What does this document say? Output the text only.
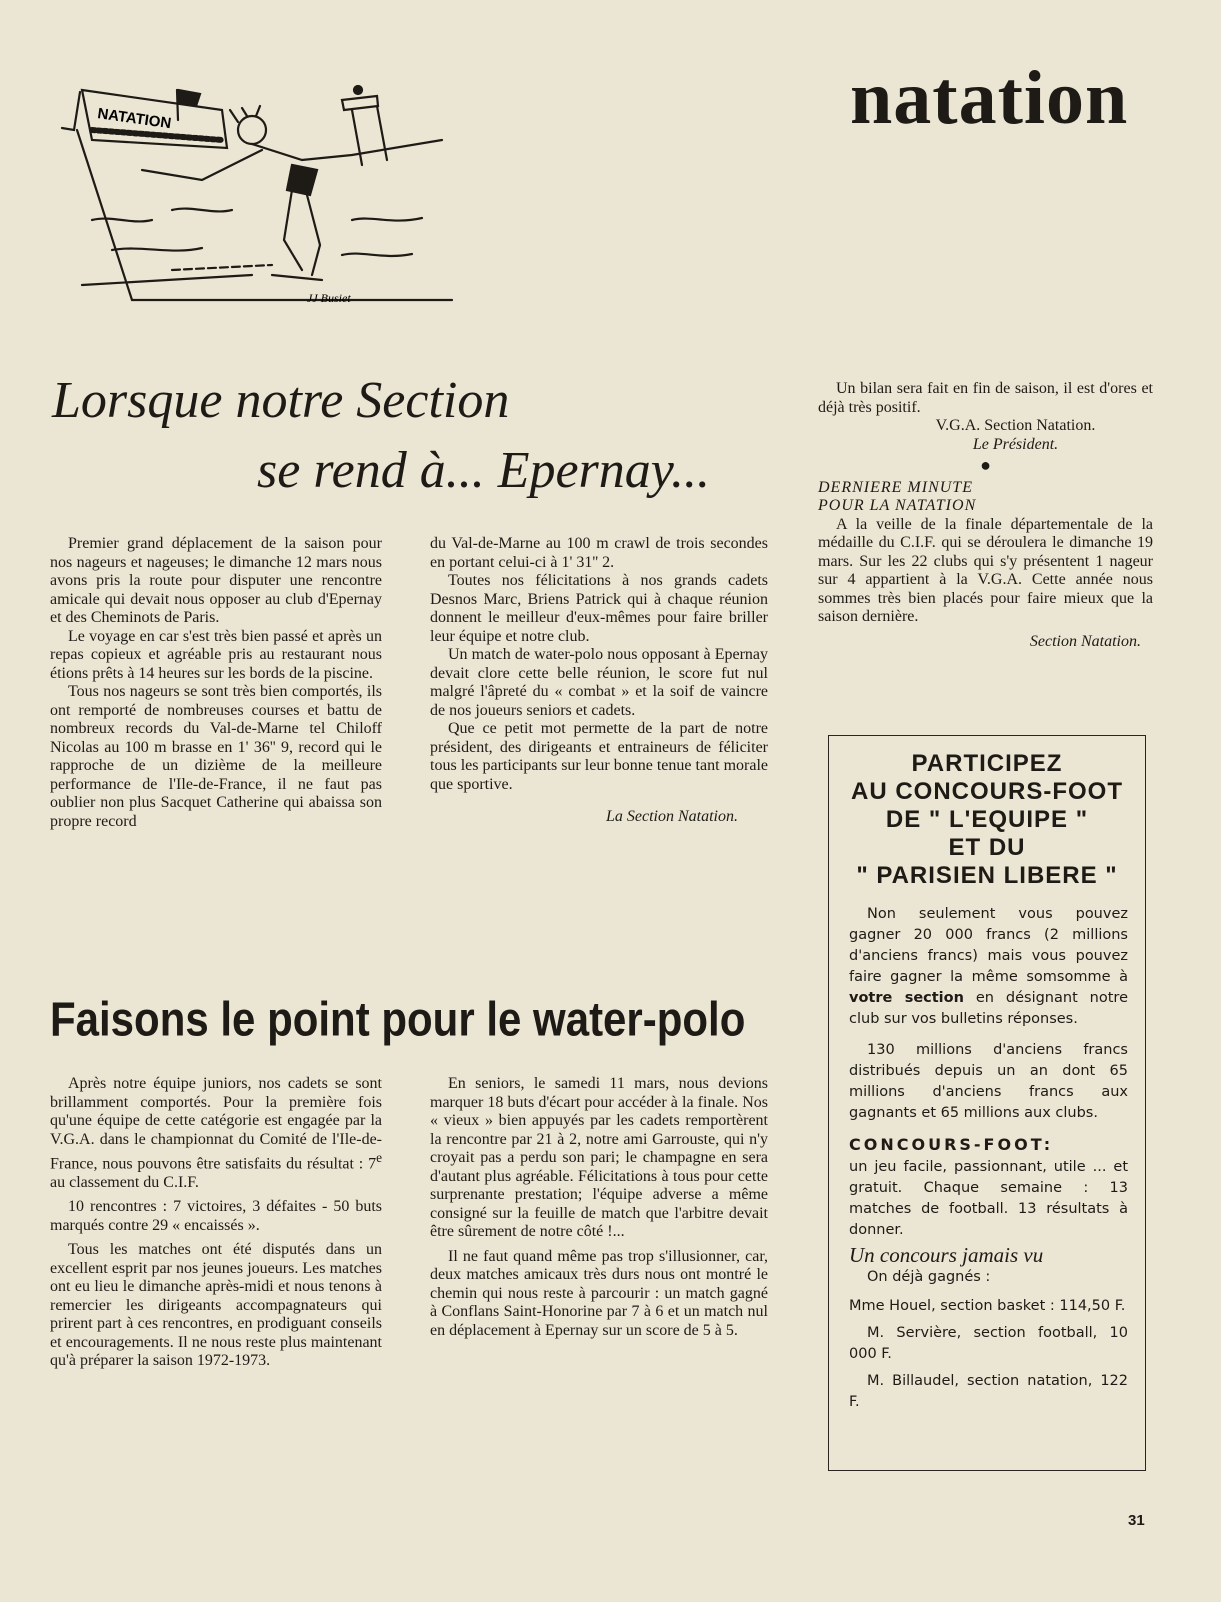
NATATION
JJ Busiet
natation
Lorsque notre Section
se rend à... Epernay...

Premier grand déplacement de la saison pour nos nageurs et nageuses; le dimanche 12 mars nous avons pris la route pour disputer une rencontre amicale qui devait nous opposer au club d'Epernay et des Cheminots de Paris.

Le voyage en car s'est très bien passé et après un repas copieux et agréable pris au restaurant nous étions prêts à 14 heures sur les bords de la piscine.

Tous nos nageurs se sont très bien comportés, ils ont remporté de nombreuses courses et battu de nombreux records du Val-de-Marne tel Chiloff Nicolas au 100 m brasse en 1' 36'' 9, record qui le rapproche de un dizième de la meilleure performance de l'Ile-de-France, il ne faut pas oublier non plus Sacquet Catherine qui abaissa son propre record

du Val-de-Marne au 100 m crawl de trois secondes en portant celui-ci à 1' 31'' 2.

Toutes nos félicitations à nos grands cadets Desnos Marc, Briens Patrick qui à chaque réunion donnent le meilleur d'eux-mêmes pour faire briller leur équipe et notre club.

Un match de water-polo nous opposant à Epernay devait clore cette belle réunion, le score fut nul malgré l'âpreté du « combat » et la soif de vaincre de nos joueurs seniors et cadets.

Que ce petit mot permette de la part de notre président, des dirigeants et entraineurs de féliciter tous les participants sur leur bonne tenue tant morale que sportive.

La Section Natation.

Un bilan sera fait en fin de saison, il est d'ores et déjà très positif.

V.G.A. Section Natation.
Le Président.
●

DERNIERE MINUTE

POUR LA NATATION

A la veille de la finale départementale de la médaille du C.I.F. qui se déroulera le dimanche 19 mars. Sur les 22 clubs qui s'y présentent 1 nageur sur 4 appartient à la V.G.A. Cette année nous sommes très bien placés pour faire mieux que la saison dernière.

Section Natation.
Faisons le point pour le water-polo

Après notre équipe juniors, nos cadets se sont brillamment comportés. Pour la première fois qu'une équipe de cette catégorie est engagée par la V.G.A. dans le championnat du Comité de l'Ile-de-France, nous pouvons être satisfaits du résultat : 7e au classement du C.I.F.

10 rencontres : 7 victoires, 3 défaites - 50 buts marqués contre 29 « encaissés ».

Tous les matches ont été disputés dans un excellent esprit par nos jeunes joueurs. Les matches ont eu lieu le dimanche après-midi et nous tenons à remercier les dirigeants accompagnateurs qui prirent part à ces rencontres, en prodiguant conseils et encouragements. Il ne nous reste plus maintenant qu'à préparer la saison 1972-1973.

En seniors, le samedi 11 mars, nous devions marquer 18 buts d'écart pour accéder à la finale. Nos « vieux » bien appuyés par les cadets remportèrent la rencontre par 21 à 2, notre ami Garrouste, qui n'y croyait pas a perdu son pari; le champagne en sera d'autant plus agréable. Félicitations à tous pour cette surprenante prestation; l'équipe adverse a même consigné sur la feuille de match que l'arbitre devait être sûrement de notre côté !...

Il ne faut quand même pas trop s'illusionner, car, deux matches amicaux très durs nous ont montré le chemin qui nous reste à parcourir : un match gagné à Conflans Saint-Honorine par 7 à 6 et un match nul en déplacement à Epernay sur un score de 5 à 5.

PARTICIPEZ
AU CONCOURS-FOOT
DE " L'EQUIPE "
ET DU
" PARISIEN LIBERE "

Non seulement vous pouvez gagner 20 000 francs (2 millions d'anciens francs) mais vous pouvez faire gagner la même somsomme à votre section en désignant notre club sur vos bulletins réponses.

130 millions d'anciens francs distribués depuis un an dont 65 millions d'anciens francs aux gagnants et 65 millions aux clubs.

CONCOURS-FOOT:

un jeu facile, passionnant, utile ... et gratuit. Chaque semaine : 13 matches de football. 13 résultats à donner.

Un concours jamais vu

On déjà gagnés :

Mme Houel, section basket : 114,50 F.

M. Servière, section football, 10 000 F.

M. Billaudel, section natation, 122 F.

31
